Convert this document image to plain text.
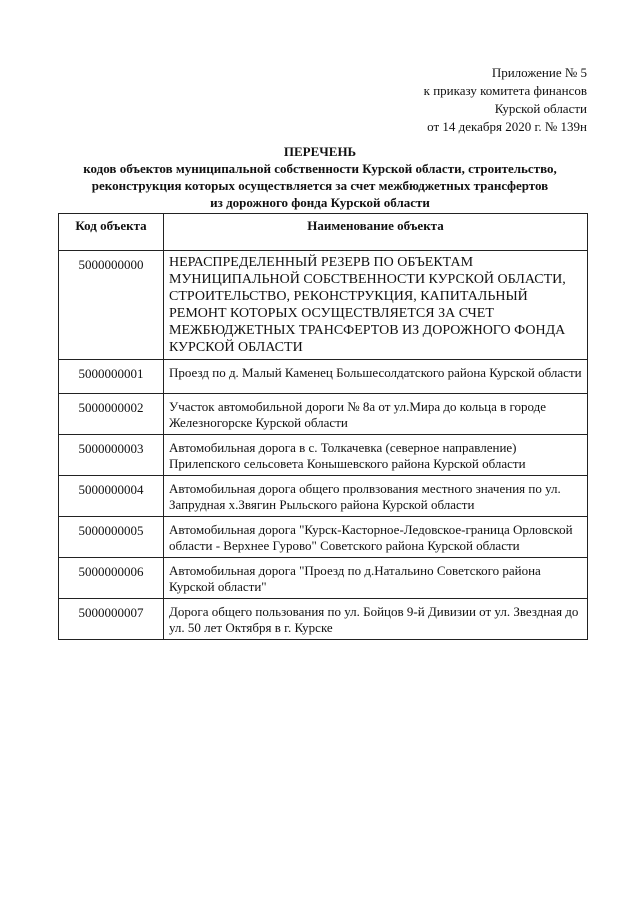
Приложение № 5
к приказу комитета финансов
Курской области
от 14 декабря 2020 г. № 139н
ПЕРЕЧЕНЬ
кодов объектов муниципальной собственности Курской области, строительство,
реконструкция которых осуществляется за счет межбюджетных трансфертов
из дорожного фонда Курской области
Код объекта	Наименование объекта
5000000000	НЕРАСПРЕДЕЛЕННЫЙ РЕЗЕРВ ПО ОБЪЕКТАМ МУНИЦИПАЛЬНОЙ СОБСТВЕННОСТИ КУРСКОЙ ОБЛАСТИ, СТРОИТЕЛЬСТВО, РЕКОНСТРУКЦИЯ, КАПИТАЛЬНЫЙ РЕМОНТ КОТОРЫХ ОСУЩЕСТВЛЯЕТСЯ ЗА СЧЕТ МЕЖБЮДЖЕТНЫХ ТРАНСФЕРТОВ ИЗ ДОРОЖНОГО ФОНДА КУРСКОЙ ОБЛАСТИ
5000000001	Проезд по д. Малый Каменец Большесолдатского района Курской области
5000000002	Участок автомобильной дороги № 8а от ул.Мира до кольца в городе Железногорске Курской области
5000000003	Автомобильная дорога в с. Толкачевка (северное направление) Прилепского сельсовета Конышевского района Курской области
5000000004	Автомобильная дорога общего пролвзования местного значения по ул. Запрудная х.Звягин Рыльского района Курской области
5000000005	Автомобильная дорога "Курск-Касторное-Ледовское-граница Орловской области - Верхнее Гурово" Советского района Курской области
5000000006	Автомобильная дорога "Проезд по д.Натальино Советского района Курской области"
5000000007	Дорога общего пользования по ул. Бойцов 9-й Дивизии от ул. Звездная до ул. 50 лет Октября в г. Курске
